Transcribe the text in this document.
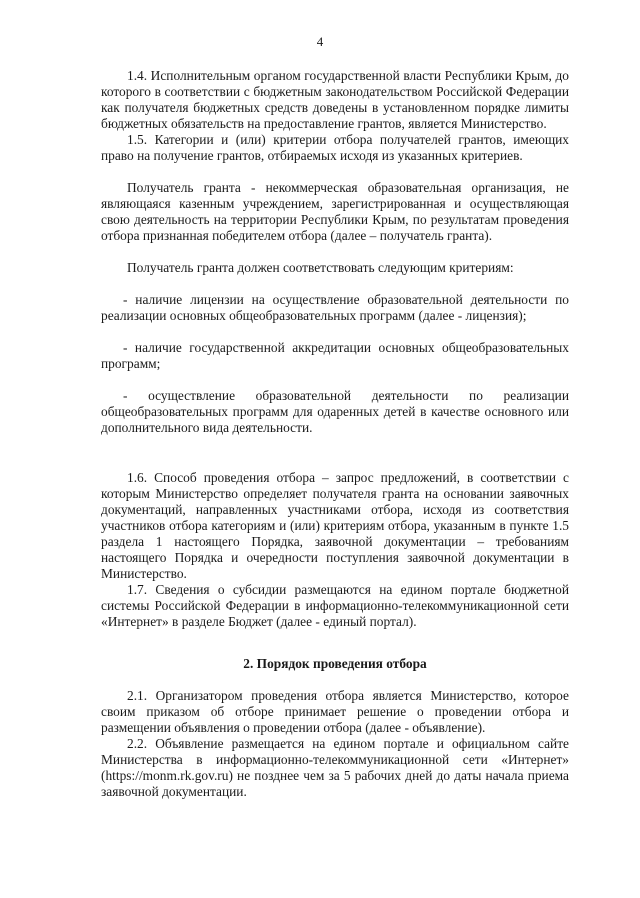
4

1.4. Исполнительным органом государственной власти Республики Крым, до которого в соответствии с бюджетным законодательством Российской Федерации как получателя бюджетных средств доведены в установленном порядке лимиты бюджетных обязательств на предоставление грантов, является Министерство.

1.5. Категории и (или) критерии отбора получателей грантов, имеющих право на получение грантов, отбираемых исходя из указанных критериев.

Получатель гранта - некоммерческая образовательная организация, не являющаяся казенным учреждением, зарегистрированная и осуществляющая свою деятельность на территории Республики Крым, по результатам проведения отбора признанная победителем отбора (далее – получатель гранта).

Получатель гранта должен соответствовать следующим критериям:

- наличие лицензии на осуществление образовательной деятельности по реализации основных общеобразовательных программ (далее - лицензия);

- наличие государственной аккредитации основных общеобразовательных программ;

- осуществление образовательной деятельности по реализации общеобразовательных программ для одаренных детей в качестве основного или дополнительного вида деятельности.

1.6. Способ проведения отбора – запрос предложений, в соответствии с которым Министерство определяет получателя гранта на основании заявочных документаций, направленных участниками отбора, исходя из соответствия участников отбора категориям и (или) критериям отбора, указанным в пункте 1.5 раздела 1 настоящего Порядка, заявочной документации – требованиям настоящего Порядка и очередности поступления заявочной документации в Министерство.

1.7. Сведения о субсидии размещаются на едином портале бюджетной системы Российской Федерации в информационно-телекоммуникационной сети «Интернет» в разделе Бюджет (далее - единый портал).

2. Порядок проведения отбора

2.1. Организатором проведения отбора является Министерство, которое своим приказом об отборе принимает решение о проведении отбора и размещении объявления о проведении отбора (далее - объявление).

2.2. Объявление размещается на едином портале и официальном сайте Министерства в информационно-телекоммуникационной сети «Интернет» (https://monm.rk.gov.ru) не позднее чем за 5 рабочих дней до даты начала приема заявочной документации.
